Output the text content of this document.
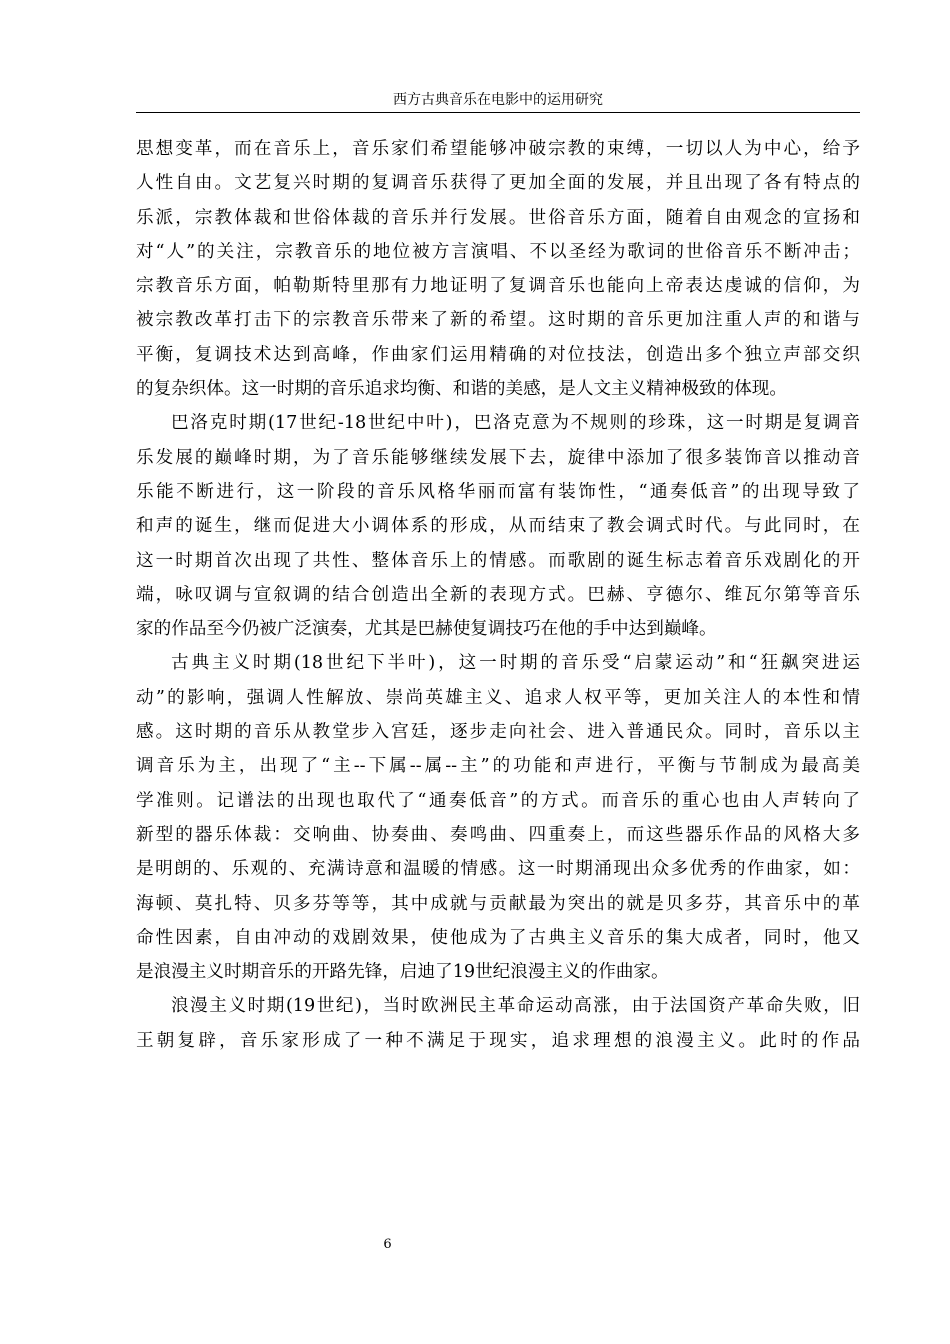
西方古典音乐在电影中的运用研究
思想变革，而在音乐上，音乐家们希望能够冲破宗教的束缚，一切以人为中心，给予
人性自由。文艺复兴时期的复调音乐获得了更加全面的发展，并且出现了各有特点的
乐派，宗教体裁和世俗体裁的音乐并行发展。世俗音乐方面，随着自由观念的宣扬和
对“人”的关注，宗教音乐的地位被方言演唱、不以圣经为歌词的世俗音乐不断冲击；
宗教音乐方面，帕勒斯特里那有力地证明了复调音乐也能向上帝表达虔诚的信仰，为
被宗教改革打击下的宗教音乐带来了新的希望。这时期的音乐更加注重人声的和谐与
平衡，复调技术达到高峰，作曲家们运用精确的对位技法，创造出多个独立声部交织
的复杂织体。这一时期的音乐追求均衡、和谐的美感，是人文主义精神极致的体现。
巴洛克时期(17世纪-18世纪中叶)，巴洛克意为不规则的珍珠，这一时期是复调音
乐发展的巅峰时期，为了音乐能够继续发展下去，旋律中添加了很多装饰音以推动音
乐能不断进行，这一阶段的音乐风格华丽而富有装饰性，“通奏低音”的出现导致了
和声的诞生，继而促进大小调体系的形成，从而结束了教会调式时代。与此同时，在
这一时期首次出现了共性、整体音乐上的情感。而歌剧的诞生标志着音乐戏剧化的开
端，咏叹调与宣叙调的结合创造出全新的表现方式。巴赫、亨德尔、维瓦尔第等音乐
家的作品至今仍被广泛演奏，尤其是巴赫使复调技巧在他的手中达到巅峰。
古典主义时期(18世纪下半叶)，这一时期的音乐受“启蒙运动”和“狂飙突进运
动”的影响，强调人性解放、崇尚英雄主义、追求人权平等，更加关注人的本性和情
感。这时期的音乐从教堂步入宫廷，逐步走向社会、进入普通民众。同时，音乐以主
调音乐为主，出现了“主--下属--属--主”的功能和声进行，平衡与节制成为最高美
学准则。记谱法的出现也取代了“通奏低音”的方式。而音乐的重心也由人声转向了
新型的器乐体裁：交响曲、协奏曲、奏鸣曲、四重奏上，而这些器乐作品的风格大多
是明朗的、乐观的、充满诗意和温暖的情感。这一时期涌现出众多优秀的作曲家，如：
海顿、莫扎特、贝多芬等等，其中成就与贡献最为突出的就是贝多芬，其音乐中的革
命性因素，自由冲动的戏剧效果，使他成为了古典主义音乐的集大成者，同时，他又
是浪漫主义时期音乐的开路先锋，启迪了19世纪浪漫主义的作曲家。
浪漫主义时期(19世纪)，当时欧洲民主革命运动高涨，由于法国资产革命失败，旧
王朝复辟，音乐家形成了一种不满足于现实，追求理想的浪漫主义。此时的作品
6
